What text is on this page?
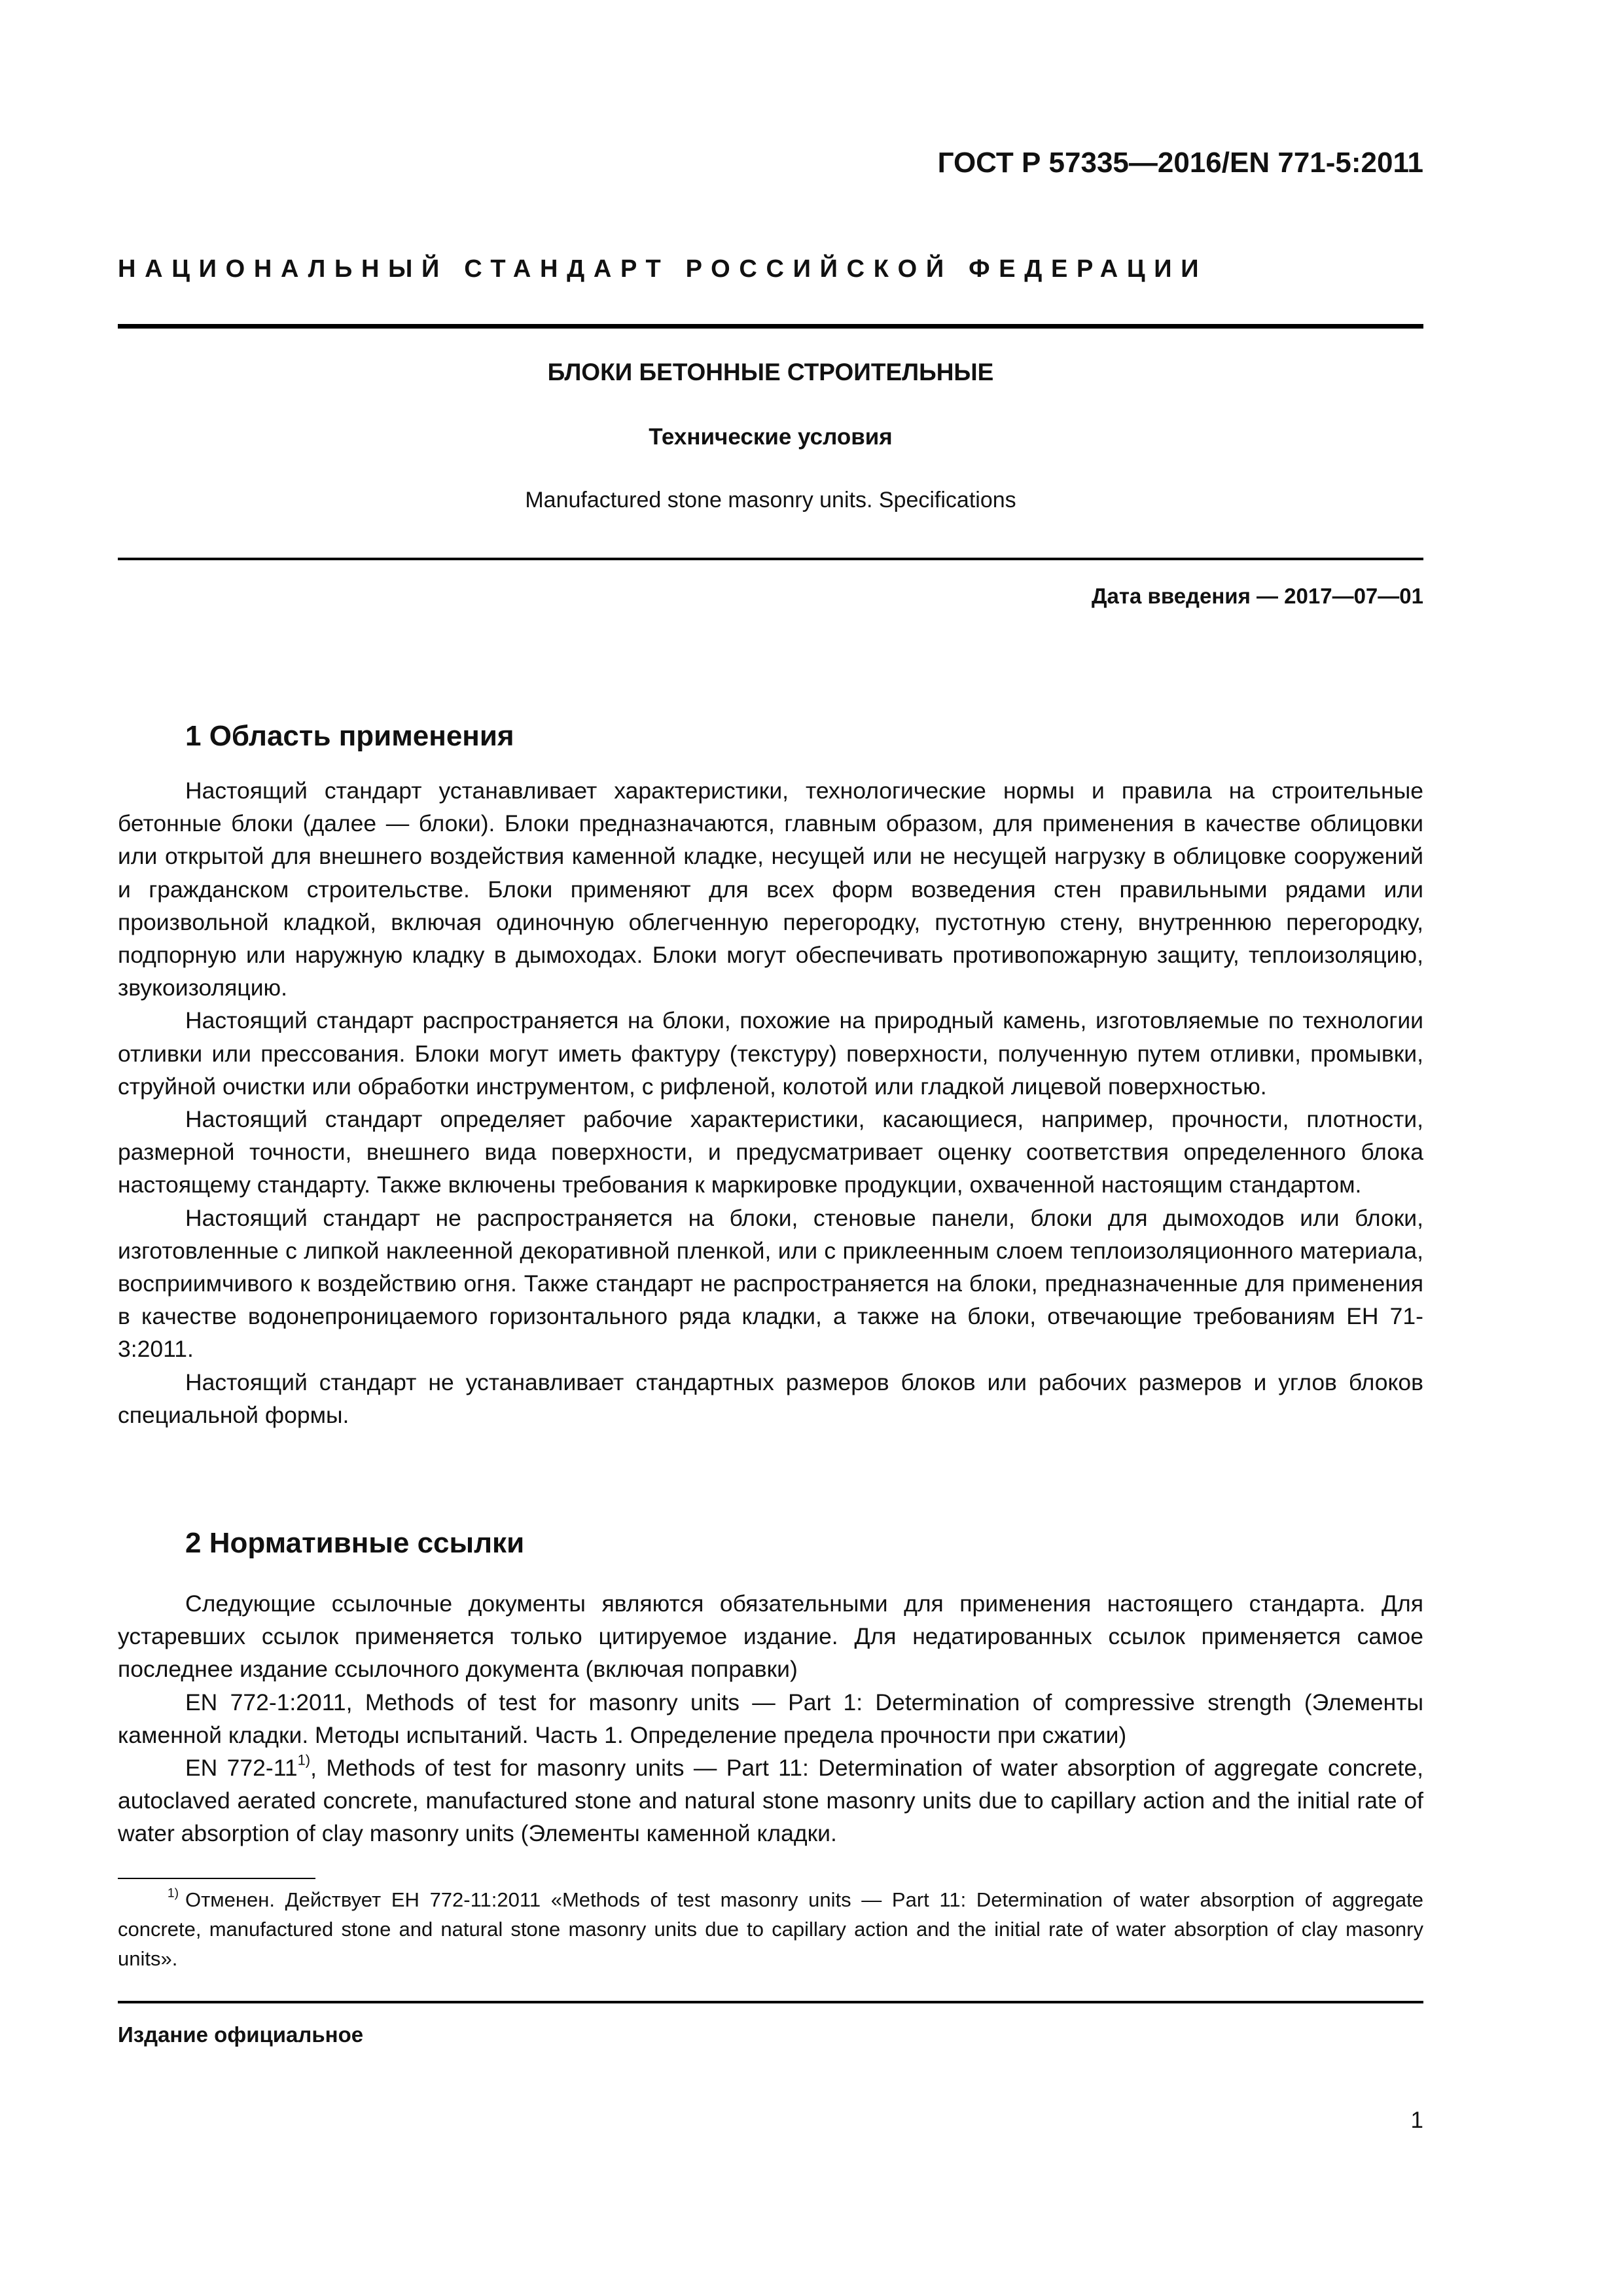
ГОСТ Р 57335—2016/EN 771-5:2011
НАЦИОНАЛЬНЫЙ СТАНДАРТ РОССИЙСКОЙ ФЕДЕРАЦИИ
БЛОКИ БЕТОННЫЕ СТРОИТЕЛЬНЫЕ
Технические условия
Manufactured stone masonry units. Specifications
Дата введения — 2017—07—01
1 Область применения

Настоящий стандарт устанавливает характеристики, технологические нормы и правила на строительные бетонные блоки (далее — блоки). Блоки предназначаются, главным образом, для применения в качестве облицовки или открытой для внешнего воздействия каменной кладке, несущей или не несущей нагрузку в облицовке сооружений и гражданском строительстве. Блоки применяют для всех форм возведения стен правильными рядами или произвольной кладкой, включая одиночную облегченную перегородку, пустотную стену, внутреннюю перегородку, подпорную или наружную кладку в дымоходах. Блоки могут обеспечивать противопожарную защиту, теплоизоляцию, звукоизоляцию.

Настоящий стандарт распространяется на блоки, похожие на природный камень, изготовляемые по технологии отливки или прессования. Блоки могут иметь фактуру (текстуру) поверхности, полученную путем отливки, промывки, струйной очистки или обработки инструментом, с рифленой, колотой или гладкой лицевой поверхностью.

Настоящий стандарт определяет рабочие характеристики, касающиеся, например, прочности, плотности, размерной точности, внешнего вида поверхности, и предусматривает оценку соответствия определенного блока настоящему стандарту. Также включены требования к маркировке продукции, охваченной настоящим стандартом.

Настоящий стандарт не распространяется на блоки, стеновые панели, блоки для дымоходов или блоки, изготовленные с липкой наклеенной декоративной пленкой, или с приклеенным слоем теплоизоляционного материала, восприимчивого к воздействию огня. Также стандарт не распространяется на блоки, предназначенные для применения в качестве водонепроницаемого горизонтального ряда кладки, а также на блоки, отвечающие требованиям ЕН 71-3:2011.

Настоящий стандарт не устанавливает стандартных размеров блоков или рабочих размеров и углов блоков специальной формы.

2 Нормативные ссылки

Следующие ссылочные документы являются обязательными для применения настоящего стандарта. Для устаревших ссылок применяется только цитируемое издание. Для недатированных ссылок применяется самое последнее издание ссылочного документа (включая поправки)

EN 772-1:2011, Methods of test for masonry units — Part 1: Determination of compressive strength (Элементы каменной кладки. Методы испытаний. Часть 1. Определение предела прочности при сжатии)

EN 772-11$^{1)}$, Methods of test for masonry units — Part 11: Determination of water absorption of aggregate concrete, autoclaved aerated concrete, manufactured stone and natural stone masonry units due to capillary action and the initial rate of water absorption of clay masonry units (Элементы каменной кладки.

$^{1)}$ Отменен. Действует ЕН 772-11:2011 «Methods of test masonry units — Part 11: Determination of water absorption of aggregate concrete, manufactured stone and natural stone masonry units due to capillary action and the initial rate of water absorption of clay masonry units».
Издание официальное
1
